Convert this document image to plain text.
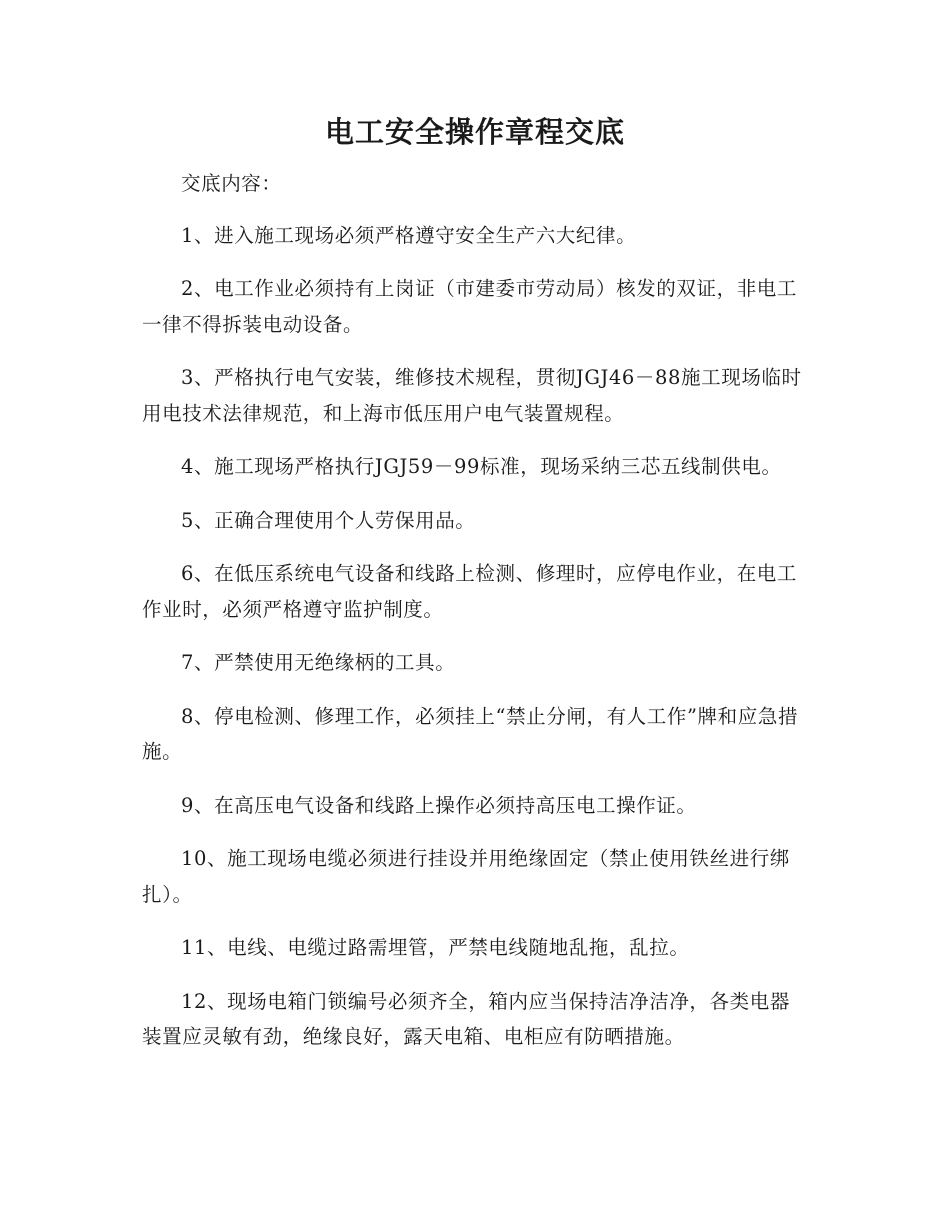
电工安全操作章程交底

交底内容：

1、进入施工现场必须严格遵守安全生产六大纪律。

2、电工作业必须持有上岗证（市建委市劳动局）核发的双证，非电工一律不得拆装电动设备。

3、严格执行电气安装，维修技术规程，贯彻JGJ46－88施工现场临时用电技术法律规范，和上海市低压用户电气装置规程。

4、施工现场严格执行JGJ59－99标准，现场采纳三芯五线制供电。

5、正确合理使用个人劳保用品。

6、在低压系统电气设备和线路上检测、修理时，应停电作业，在电工作业时，必须严格遵守监护制度。

7、严禁使用无绝缘柄的工具。

8、停电检测、修理工作，必须挂上“禁止分闸，有人工作”牌和应急措施。

9、在高压电气设备和线路上操作必须持高压电工操作证。

10、施工现场电缆必须进行挂设并用绝缘固定（禁止使用铁丝进行绑扎）。

11、电线、电缆过路需埋管，严禁电线随地乱拖，乱拉。

12、现场电箱门锁编号必须齐全，箱内应当保持洁净洁净，各类电器装置应灵敏有劲，绝缘良好，露天电箱、电柜应有防晒措施。
